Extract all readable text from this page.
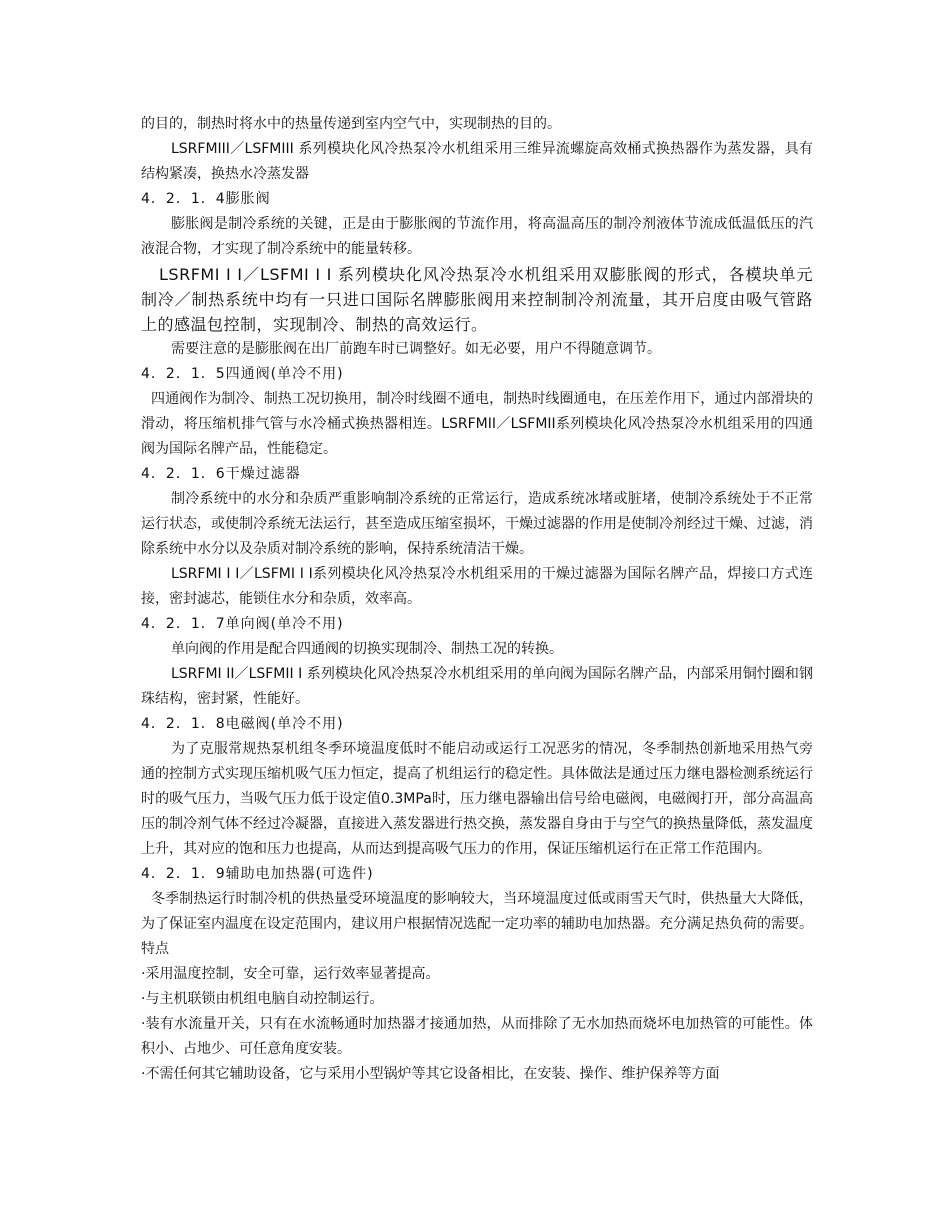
的目的，制热时将水中的热量传递到室内空气中，实现制热的目的。

LSRFMIII／LSFMIII 系列模块化风冷热泵冷水机组采用三维异流螺旋高效桶式换热器作为蒸发器，具有结构紧凑，换热水冷蒸发器

4．2．1．4膨胀阀

膨胀阀是制冷系统的关键，正是由于膨胀阀的节流作用，将高温高压的制冷剂液体节流成低温低压的汽液混合物，才实现了制冷系统中的能量转移。

LSRFMI I I／LSFMI I I 系列模块化风冷热泵冷水机组采用双膨胀阀的形式，各模块单元制冷／制热系统中均有一只进口国际名牌膨胀阀用来控制制冷剂流量，其开启度由吸气管路上的感温包控制，实现制冷、制热的高效运行。

需要注意的是膨胀阀在出厂前跑车时已调整好。如无必要，用户不得随意调节。

4．2．1．5四通阀(单冷不用)

四通阀作为制冷、制热工况切换用，制冷时线圈不通电，制热时线圈通电，在压差作用下，通过内部滑块的滑动，将压缩机排气管与水冷桶式换热器相连。LSRFMII／LSFMII系列模块化风冷热泵冷水机组采用的四通阀为国际名牌产品，性能稳定。

4．2．1．6干燥过滤器

制冷系统中的水分和杂质严重影响制冷系统的正常运行，造成系统冰堵或脏堵，使制冷系统处于不正常运行状态，或使制冷系统无法运行，甚至造成压缩室损坏，干燥过滤器的作用是使制冷剂经过干燥、过滤，消除系统中水分以及杂质对制冷系统的影响，保持系统清洁干燥。

LSRFMI I I／LSFMI I I系列模块化风冷热泵冷水机组采用的干燥过滤器为国际名牌产品，焊接口方式连接，密封滤芯，能锁住水分和杂质，效率高。

4．2．1．7单向阀(单冷不用)

单向阀的作用是配合四通阀的切换实现制冷、制热工况的转换。

LSRFMI II／LSFMII I 系列模块化风冷热泵冷水机组采用的单向阀为国际名牌产品，内部采用铜忖圈和钢珠结构，密封紧，性能好。

4．2．1．8电磁阀(单冷不用)

为了克服常规热泵机组冬季环境温度低时不能启动或运行工况恶劣的情况，冬季制热创新地采用热气旁通的控制方式实现压缩机吸气压力恒定，提高了机组运行的稳定性。具体做法是通过压力继电器检测系统运行时的吸气压力，当吸气压力低于设定值0.3MPa时，压力继电器输出信号给电磁阀，电磁阀打开，部分高温高压的制冷剂气体不经过冷凝器，直接进入蒸发器进行热交换，蒸发器自身由于与空气的换热量降低，蒸发温度上升，其对应的饱和压力也提高，从而达到提高吸气压力的作用，保证压缩机运行在正常工作范围内。

4．2．1．9辅助电加热器(可选件)

冬季制热运行时制冷机的供热量受环境温度的影响较大，当环境温度过低或雨雪天气时，供热量大大降低，为了保证室内温度在设定范围内，建议用户根据情况选配一定功率的辅助电加热器。充分满足热负荷的需要。

特点

·采用温度控制，安全可靠，运行效率显著提高。

·与主机联锁由机组电脑自动控制运行。

·装有水流量开关，只有在水流畅通时加热器才接通加热，从而排除了无水加热而烧坏电加热管的可能性。体积小、占地少、可任意角度安装。

·不需任何其它辅助设备，它与采用小型锅炉等其它设备相比，在安装、操作、维护保养等方面
